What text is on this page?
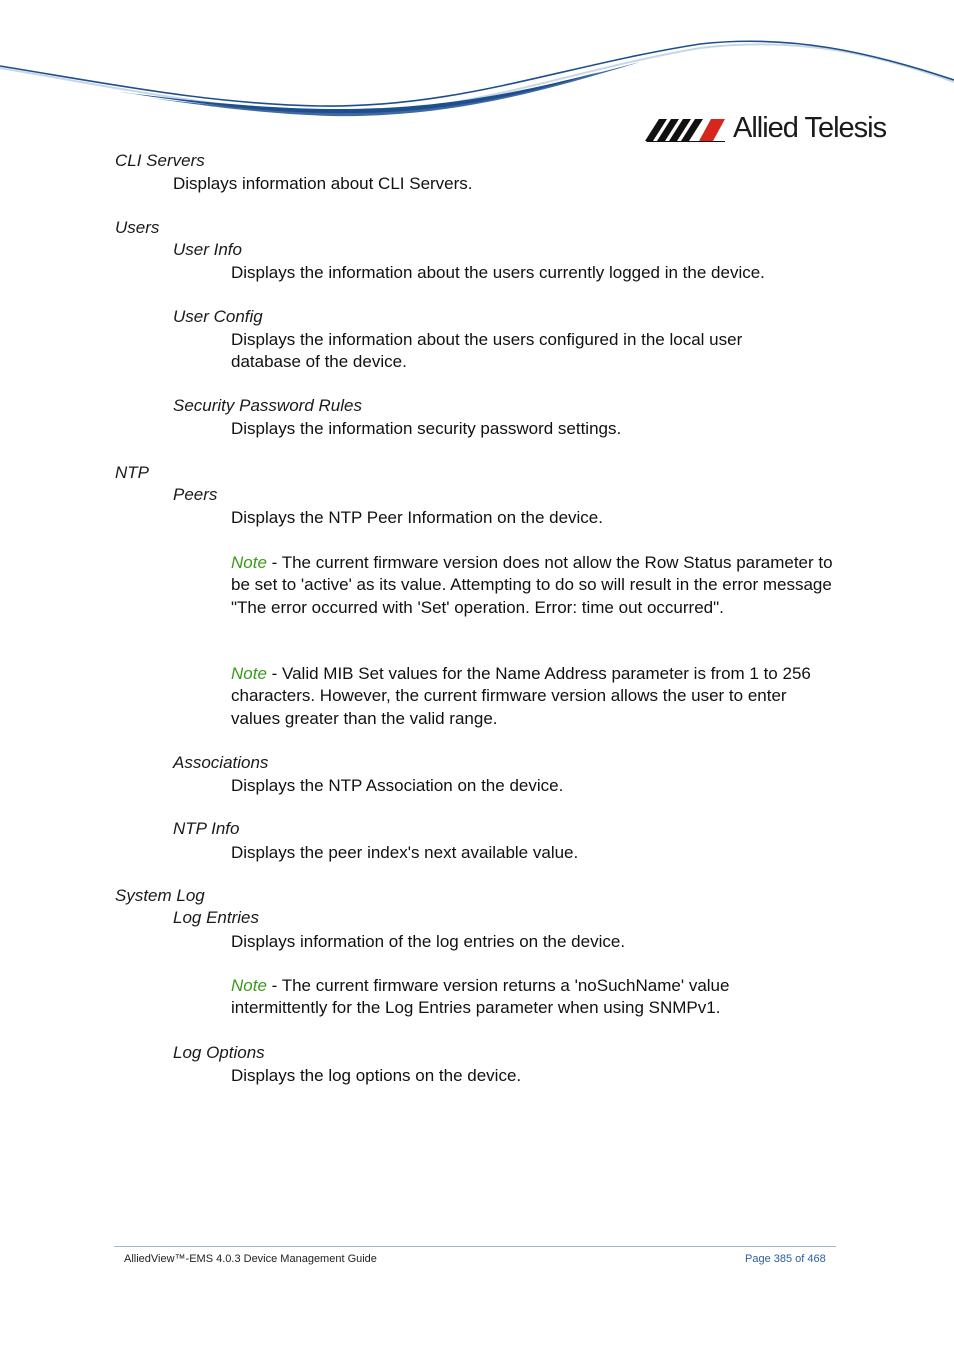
Allied Telesis
CLI Servers
Displays information about CLI Servers.
Users
User Info
Displays the information about the users currently logged in the device.
User Config
Displays the information about the users configured in the local user database of the device.
Security Password Rules
Displays the information security password settings.
NTP
Peers
Displays the NTP Peer Information on the device.
Note - The current firmware version does not allow the Row Status parameter to be set to 'active' as its value. Attempting to do so will result in the error message "The error occurred with 'Set' operation. Error: time out occurred".
Note - Valid MIB Set values for the Name Address parameter is from 1 to 256 characters. However, the current firmware version allows the user to enter values greater than the valid range.
Associations
Displays the NTP Association on the device.
NTP Info
Displays the peer index's next available value.
System Log
Log Entries
Displays information of the log entries on the device.
Note - The current firmware version returns a 'noSuchName' value intermittently for the Log Entries parameter when using SNMPv1.
Log Options
Displays the log options on the device.
AlliedView™-EMS 4.0.3 Device Management Guide	Page 385 of 468
